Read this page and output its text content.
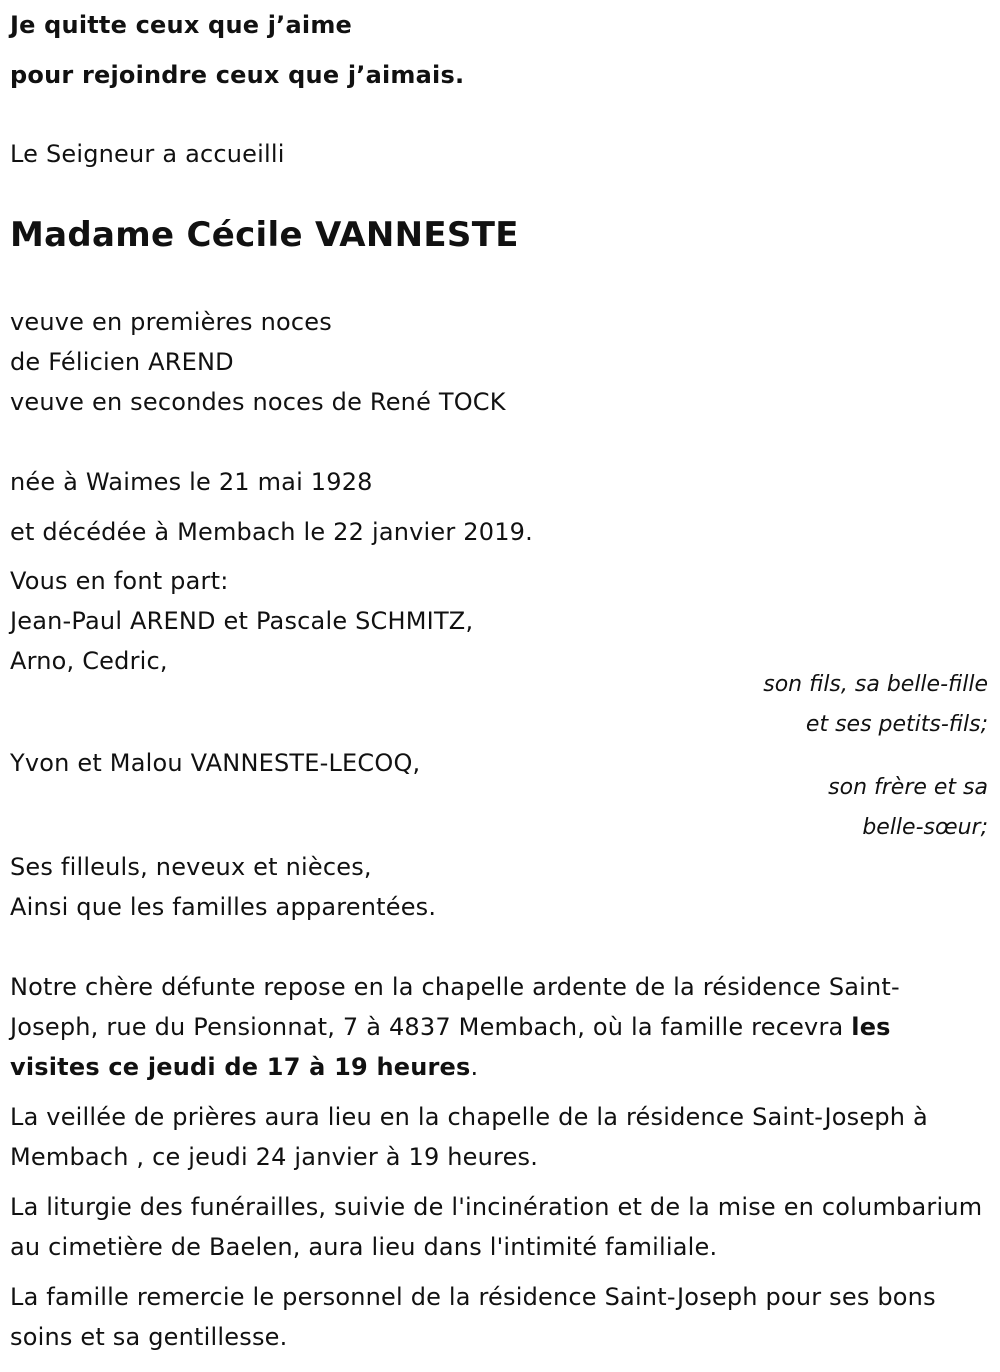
Je quitte ceux que j’aime
pour rejoindre ceux que j’aimais.
Le Seigneur a accueilli
Madame Cécile VANNESTE
veuve en premières noces
de Félicien AREND
veuve en secondes noces de René TOCK
née à Waimes le 21 mai 1928
et décédée à Membach le 22 janvier 2019.
Vous en font part:
Jean-Paul AREND et Pascale SCHMITZ,
Arno, Cedric,
son fils, sa belle-fille
et ses petits-fils;
Yvon et Malou VANNESTE-LECOQ,
son frère et sa
belle-sœur;
Ses filleuls, neveux et nièces,
Ainsi que les familles apparentées.
Notre chère défunte repose en la chapelle ardente de la résidence Saint-Joseph, rue du Pensionnat, 7 à 4837 Membach, où la famille recevra les visites ce jeudi de 17 à 19 heures.
La veillée de prières aura lieu en la chapelle de la résidence Saint-Joseph à Membach , ce jeudi 24 janvier à 19 heures.
La liturgie des funérailles, suivie de l'incinération et de la mise en columbarium au cimetière de Baelen, aura lieu dans l'intimité familiale.
La famille remercie le personnel de la résidence Saint-Joseph pour ses bons soins et sa gentillesse.
